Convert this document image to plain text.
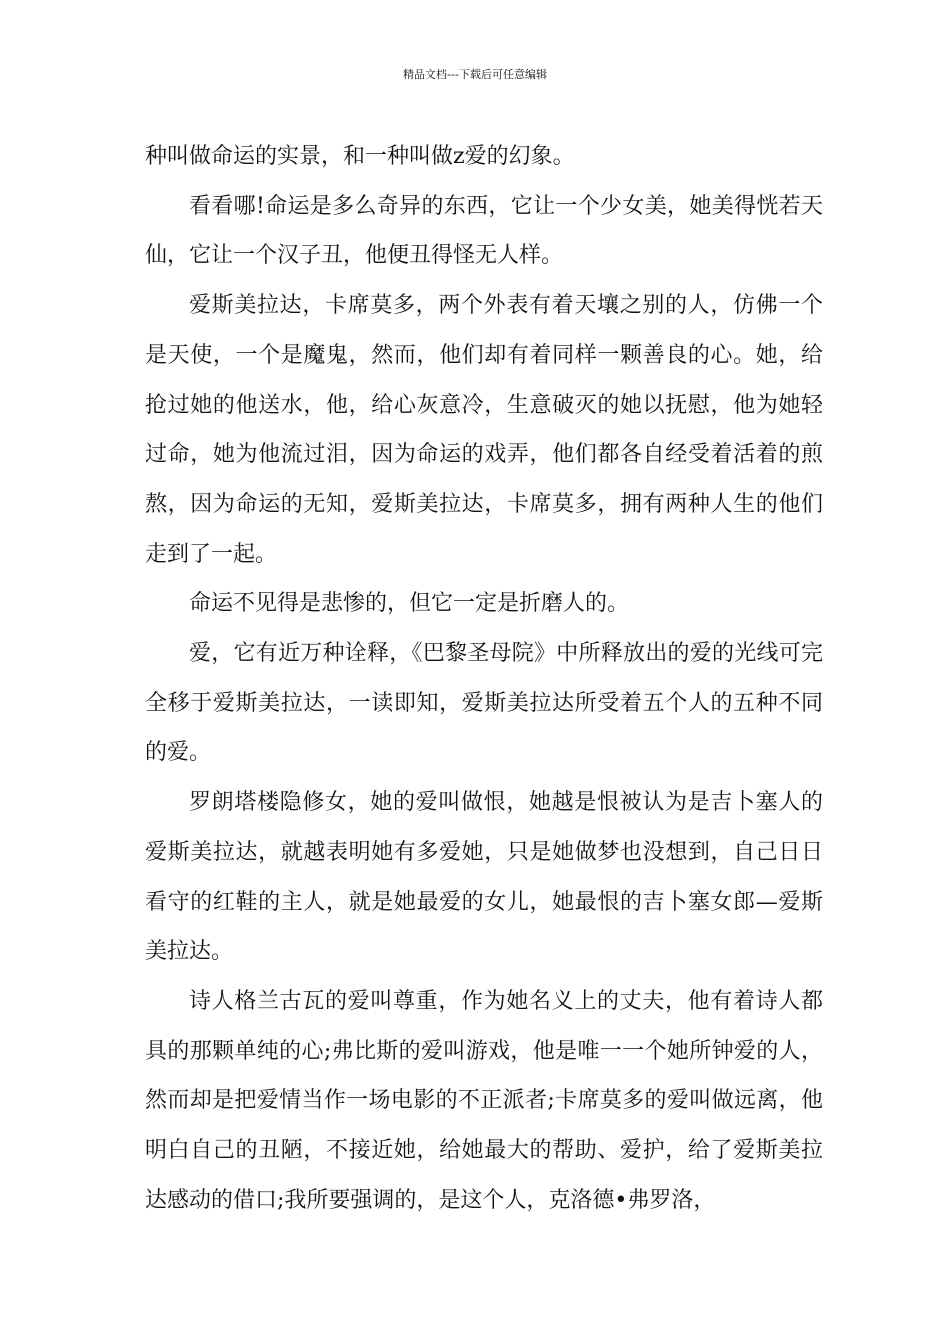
精品文档---下载后可任意编辑

种叫做命运的实景，和一种叫做z爱的幻象。

看看哪!命运是多么奇异的东西，它让一个少女美，她美得恍若天仙，它让一个汉子丑，他便丑得怪无人样。

爱斯美拉达，卡席莫多，两个外表有着天壤之别的人，仿佛一个是天使，一个是魔鬼，然而，他们却有着同样一颗善良的心。她，给抢过她的他送水，他，给心灰意冷，生意破灭的她以抚慰，他为她轻过命，她为他流过泪，因为命运的戏弄，他们都各自经受着活着的煎熬，因为命运的无知，爱斯美拉达，卡席莫多，拥有两种人生的他们走到了一起。

命运不见得是悲惨的，但它一定是折磨人的。

爱，它有近万种诠释，《巴黎圣母院》中所释放出的爱的光线可完全移于爱斯美拉达，一读即知，爱斯美拉达所受着五个人的五种不同的爱。

罗朗塔楼隐修女，她的爱叫做恨，她越是恨被认为是吉卜塞人的爱斯美拉达，就越表明她有多爱她，只是她做梦也没想到，自己日日看守的红鞋的主人，就是她最爱的女儿，她最恨的吉卜塞女郎—爱斯美拉达。

诗人格兰古瓦的爱叫尊重，作为她名义上的丈夫，他有着诗人都具的那颗单纯的心;弗比斯的爱叫游戏，他是唯一一个她所钟爱的人，然而却是把爱情当作一场电影的不正派者;卡席莫多的爱叫做远离，他明白自己的丑陋，不接近她，给她最大的帮助、爱护，给了爱斯美拉达感动的借口;我所要强调的，是这个人，克洛德•弗罗洛，
